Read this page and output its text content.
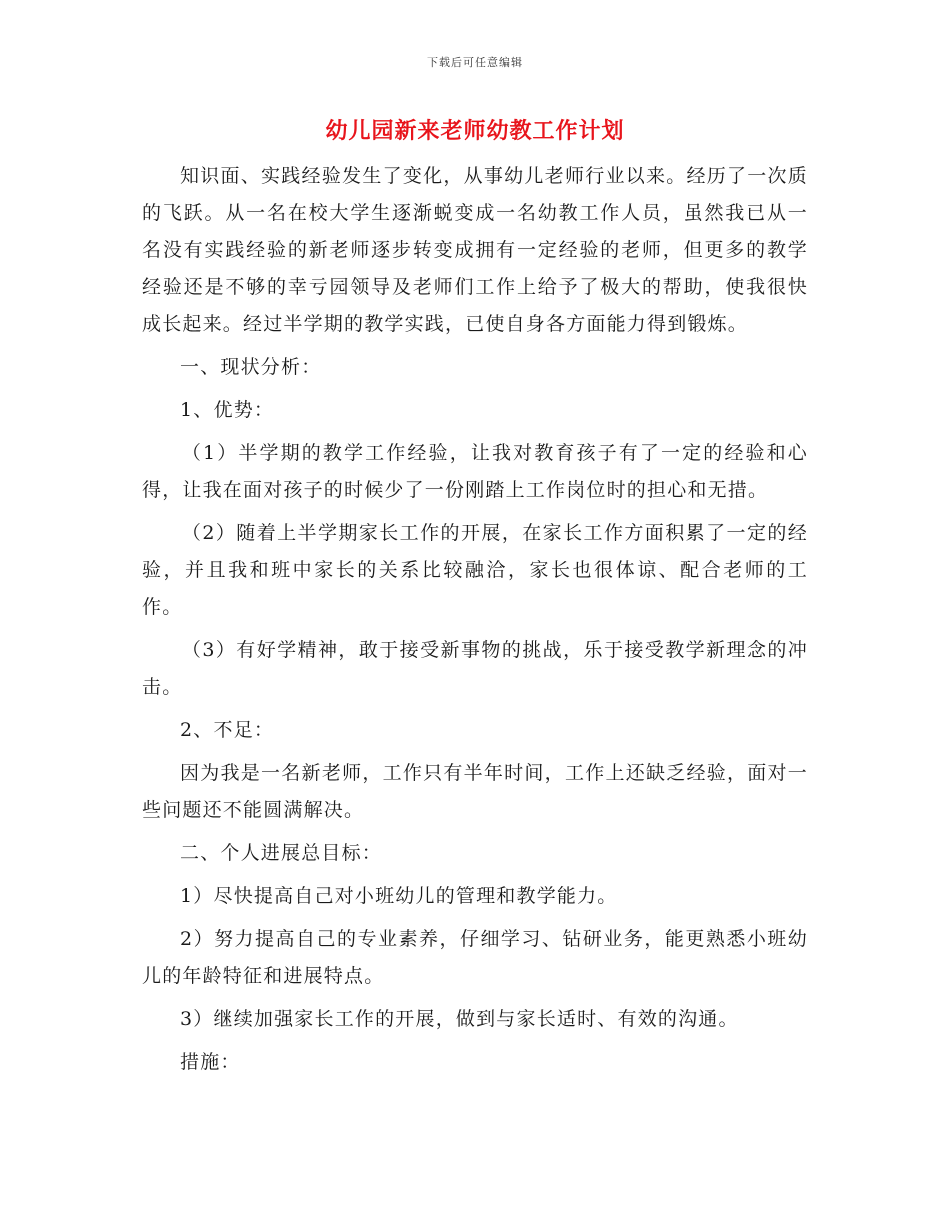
下载后可任意编辑
幼儿园新来老师幼教工作计划

知识面、实践经验发生了变化，从事幼儿老师行业以来。经历了一次质的飞跃。从一名在校大学生逐渐蜕变成一名幼教工作人员，虽然我已从一名没有实践经验的新老师逐步转变成拥有一定经验的老师，但更多的教学经验还是不够的幸亏园领导及老师们工作上给予了极大的帮助，使我很快成长起来。经过半学期的教学实践，已使自身各方面能力得到锻炼。

一、现状分析：

1、优势：

（1）半学期的教学工作经验，让我对教育孩子有了一定的经验和心得，让我在面对孩子的时候少了一份刚踏上工作岗位时的担心和无措。

（2）随着上半学期家长工作的开展，在家长工作方面积累了一定的经验，并且我和班中家长的关系比较融洽，家长也很体谅、配合老师的工作。

（3）有好学精神，敢于接受新事物的挑战，乐于接受教学新理念的冲击。

2、不足：

因为我是一名新老师，工作只有半年时间，工作上还缺乏经验，面对一些问题还不能圆满解决。

二、个人进展总目标：

1）尽快提高自己对小班幼儿的管理和教学能力。

2）努力提高自己的专业素养，仔细学习、钻研业务，能更熟悉小班幼儿的年龄特征和进展特点。

3）继续加强家长工作的开展，做到与家长适时、有效的沟通。

措施：
